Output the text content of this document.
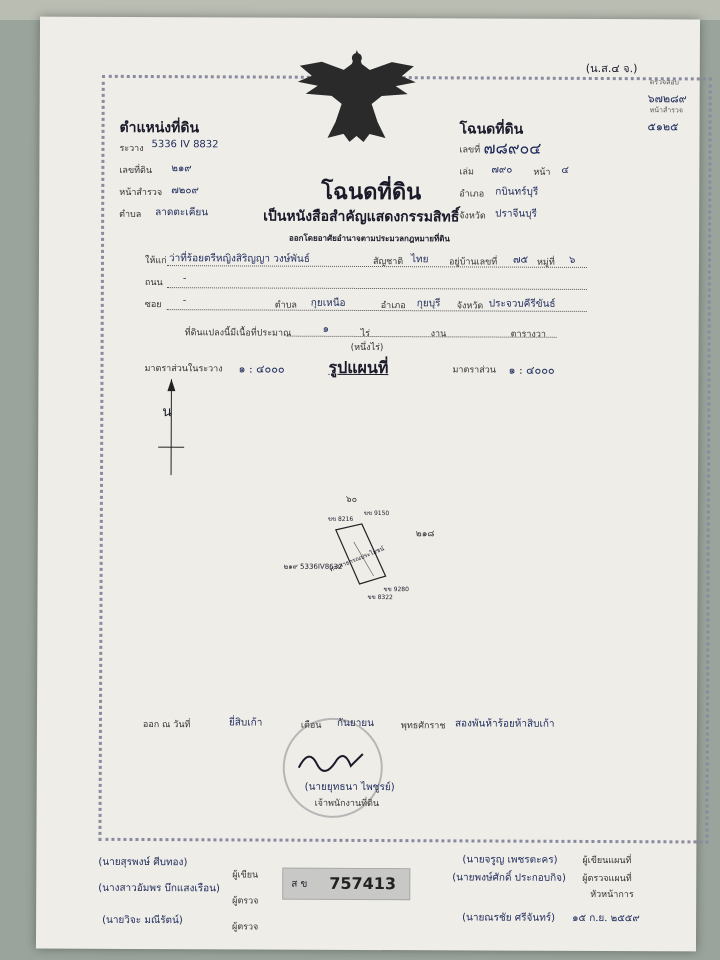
(น.ส.๔ จ.)
ตรวจสอบ
๖๗๒๘๙
หน้าสำรวจ
๕๑๒๕
ตำแหน่งที่ดิน	โฉนดที่ดิน
ระวาง 5336 IV 8832
เลขที่ดิน ๒๑๙
หน้าสำรวจ ๗๒๐๙
ตำบล ลาดตะเคียน
เลขที่ ๗๘๙๐๔
เล่ม ๗๙๐ หน้า ๔
อำเภอ กบินทร์บุรี
จังหวัด ปราจีนบุรี
โฉนดที่ดิน
เป็นหนังสือสำคัญแสดงกรรมสิทธิ์
ออกโดยอาศัยอำนาจตามประมวลกฎหมายที่ดิน
ให้แก่ ว่าที่ร้อยตรีหญิงสิริญญา วงษ์พันธ์	สัญชาติ ไทย อยู่บ้านเลขที่ ๗๕ หมู่ที่ ๖
ถนน -
ซอย -	ตำบล กุยเหนือ	อำเภอ กุยบุรี จังหวัด ประจวบคีรีขันธ์
ที่ดินแปลงนี้มีเนื้อที่ประมาณ	๑	ไร่	งาน	ตารางวา
(หนึ่งไร่)
มาตราส่วนในระวาง ๑ : ๔๐๐๐	รูปแผนที่	มาตราส่วน ๑ : ๔๐๐๐
น
๖๐
ขข 8216
ขข 9150
๒๑๘
๒๑๙ 5336IV8632
ทางสาธารณประโยชน์
ขข 9280
ขข 8322
ออก ณ วันที่	ยี่สิบเก้า	เดือน กันยายน	พุทธศักราช สองพันห้าร้อยห้าสิบเก้า
(นายยุทธนา ไพชูรย์)
เจ้าพนักงานที่ดิน
(นายสุรพงษ์ ศีบทอง)
ผู้เขียน
(นางสาวอัมพร บึกแสงเรือน)
ผู้ตรวจ
(นายวิจะ มณีรัตน์)
ผู้ตรวจ
ส ข 757413
(นายจรูญ เพชรตะคร)	ผู้เขียนแผนที่
(นายพงษ์ศักดิ์ ประกอบกิจ) ผู้ตรวจแผนที่
หัวหน้าการ
(นายณรชัย ศรีจันทร์) ๑๕ ก.ย. ๒๕๕๙
